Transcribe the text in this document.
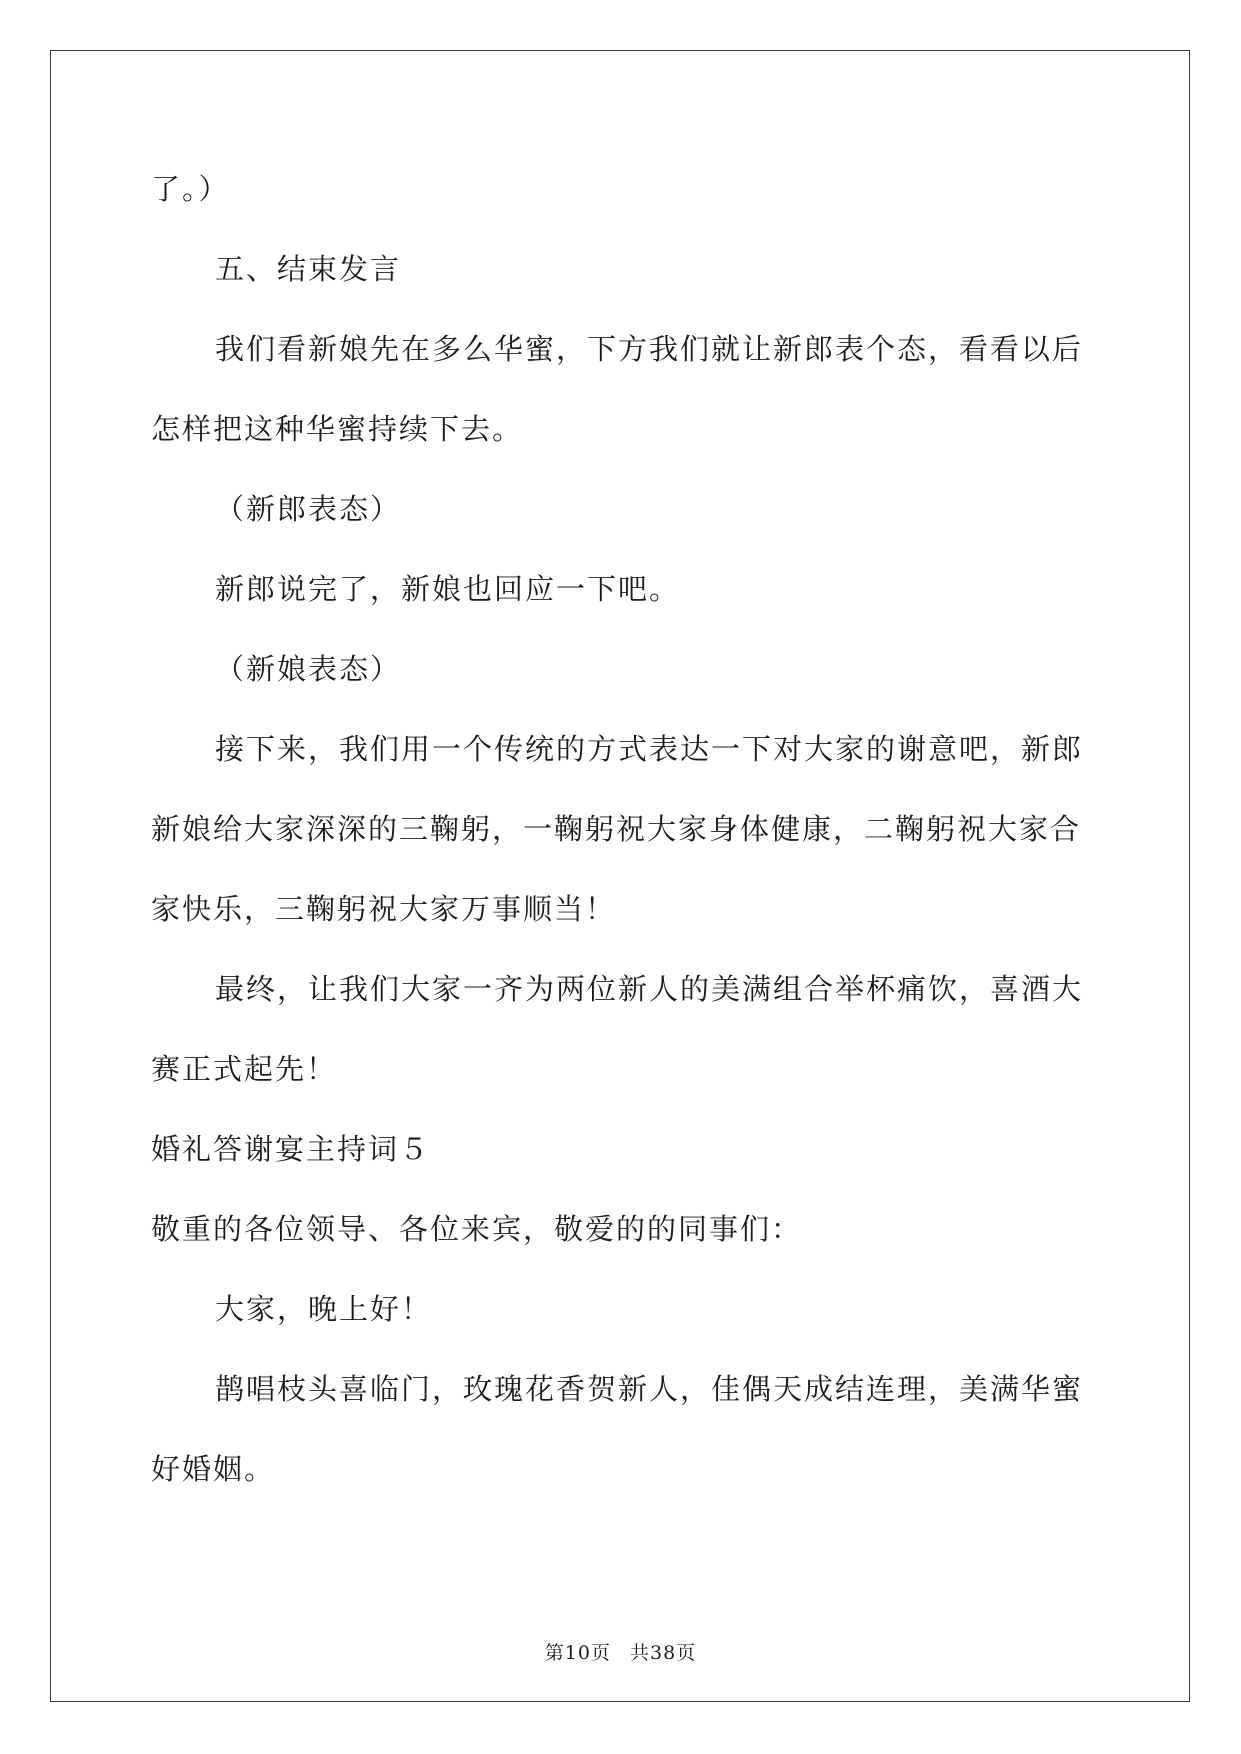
了。）
五、结束发言
我们看新娘先在多么华蜜，下方我们就让新郎表个态，看看以后
怎样把这种华蜜持续下去。
（新郎表态）
新郎说完了，新娘也回应一下吧。
（新娘表态）
接下来，我们用一个传统的方式表达一下对大家的谢意吧，新郎
新娘给大家深深的三鞠躬，一鞠躬祝大家身体健康，二鞠躬祝大家合
家快乐，三鞠躬祝大家万事顺当！
最终，让我们大家一齐为两位新人的美满组合举杯痛饮，喜酒大
赛正式起先！
婚礼答谢宴主持词５
敬重的各位领导、各位来宾，敬爱的的同事们：
大家，晚上好！
鹊唱枝头喜临门，玫瑰花香贺新人，佳偶天成结连理，美满华蜜
好婚姻。
第10页 共38页
